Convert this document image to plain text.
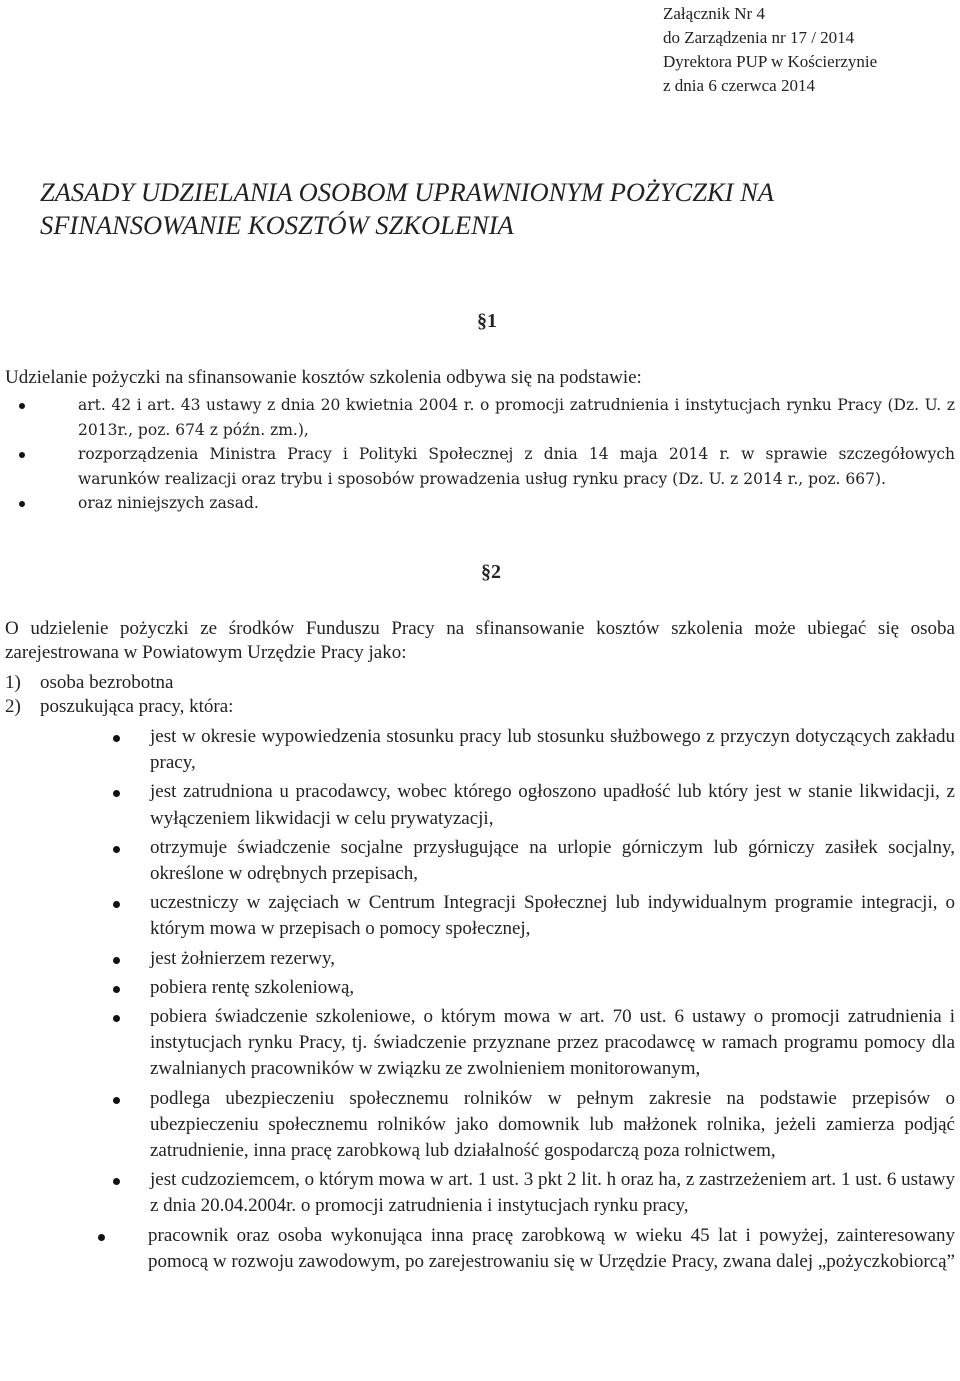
Załącznik Nr 4
do Zarządzenia nr 17 / 2014
Dyrektora PUP w Kościerzynie
z dnia 6 czerwca 2014
ZASADY UDZIELANIA OSOBOM UPRAWNIONYM POŻYCZKI NA SFINANSOWANIE KOSZTÓW SZKOLENIA
§1
Udzielanie pożyczki na sfinansowanie kosztów szkolenia odbywa się na podstawie:
art. 42 i art. 43 ustawy z dnia 20 kwietnia 2004 r. o promocji zatrudnienia i instytucjach rynku Pracy (Dz. U. z 2013r., poz. 674 z późn. zm.),
rozporządzenia Ministra Pracy i Polityki Społecznej z dnia 14 maja 2014 r. w sprawie szczegółowych warunków realizacji oraz trybu i sposobów prowadzenia usług rynku pracy (Dz. U. z 2014 r., poz. 667).
oraz niniejszych zasad.
§2
O udzielenie pożyczki ze środków Funduszu Pracy na sfinansowanie kosztów szkolenia może ubiegać się osoba zarejestrowana w Powiatowym Urzędzie Pracy jako:
1) osoba bezrobotna
2) poszukująca pracy, która:
jest w okresie wypowiedzenia stosunku pracy lub stosunku służbowego z przyczyn dotyczących zakładu pracy,
jest zatrudniona u pracodawcy, wobec którego ogłoszono upadłość lub który jest w stanie likwidacji, z wyłączeniem likwidacji w celu prywatyzacji,
otrzymuje świadczenie socjalne przysługujące na urlopie górniczym lub górniczy zasiłek socjalny, określone w odrębnych przepisach,
uczestniczy w zajęciach w Centrum Integracji Społecznej lub indywidualnym programie integracji, o którym mowa w przepisach o pomocy społecznej,
jest żołnierzem rezerwy,
pobiera rentę szkoleniową,
pobiera świadczenie szkoleniowe, o którym mowa w art. 70 ust. 6 ustawy o promocji zatrudnienia i instytucjach rynku Pracy, tj. świadczenie przyznane przez pracodawcę w ramach programu pomocy dla zwalnianych pracowników w związku ze zwolnieniem monitorowanym,
podlega ubezpieczeniu społecznemu rolników w pełnym zakresie na podstawie przepisów o ubezpieczeniu społecznemu rolników jako domownik lub małżonek rolnika, jeżeli zamierza podjąć zatrudnienie, inna pracę zarobkową lub działalność gospodarczą poza rolnictwem,
jest cudzoziemcem, o którym mowa w art. 1 ust. 3 pkt 2 lit. h oraz ha, z zastrzeżeniem art. 1 ust. 6 ustawy z dnia 20.04.2004r. o promocji zatrudnienia i instytucjach rynku pracy,
pracownik oraz osoba wykonująca inna pracę zarobkową w wieku 45 lat i powyżej, zainteresowany pomocą w rozwoju zawodowym, po zarejestrowaniu się w Urzędzie Pracy, zwana dalej „pożyczkobiorcą”
